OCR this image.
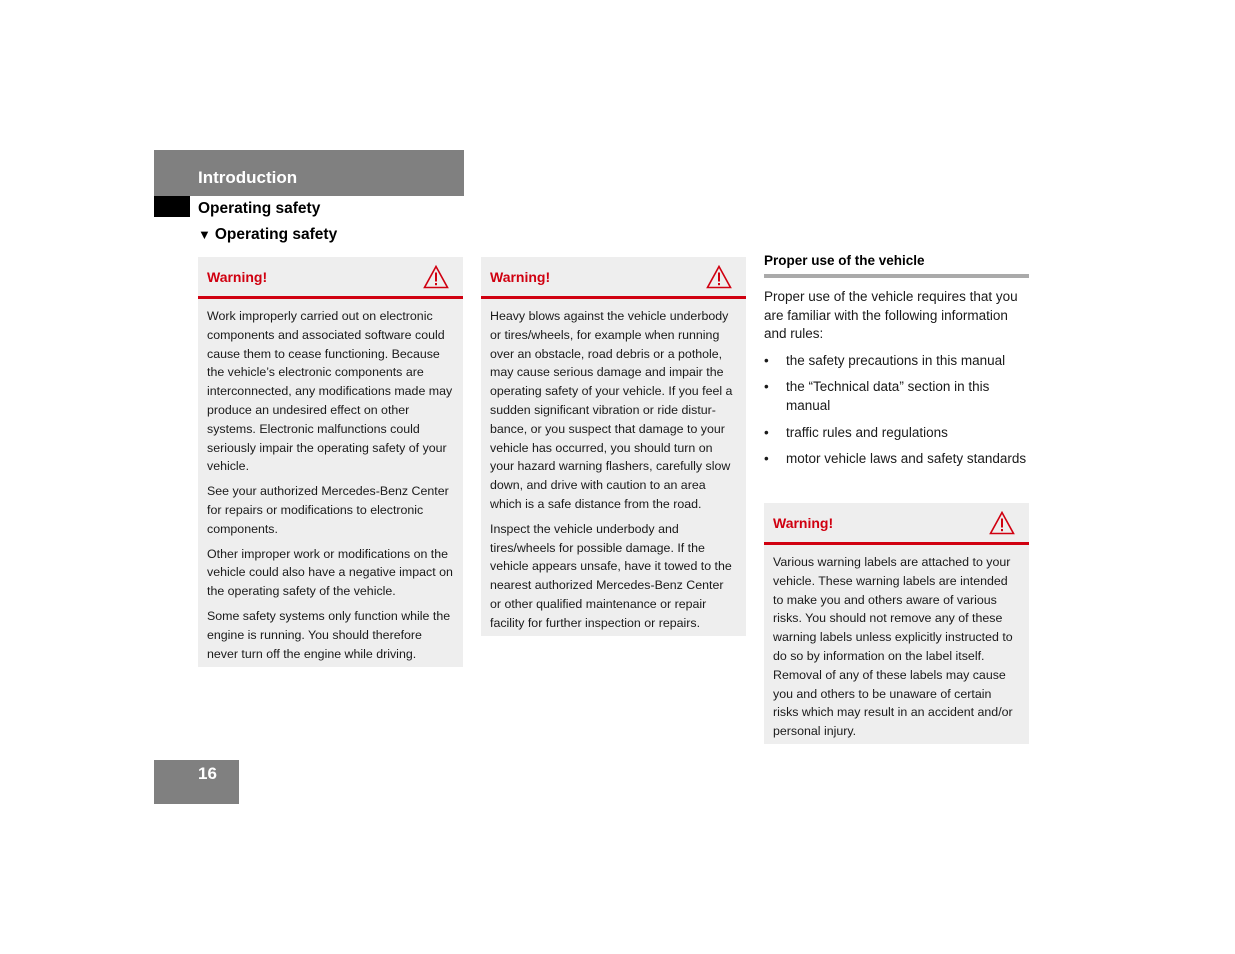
Introduction
Operating safety
▼ Operating safety
Warning!

Work improperly carried out on electronic components and associated software could cause them to cease functioning. Because the vehicle’s electronic components are interconnected, any modifications made may produce an undesired effect on other systems. Electronic malfunctions could seriously impair the operating safety of your vehicle.

See your authorized Mercedes-Benz Center for repairs or modifications to electronic components.

Other improper work or modifications on the vehicle could also have a negative impact on the operating safety of the vehicle.

Some safety systems only function while the engine is running. You should therefore never turn off the engine while driving.

Warning!

Heavy blows against the vehicle underbody or tires/wheels, for example when running over an obstacle, road debris or a pothole, may cause serious damage and impair the operating safety of your vehicle. If you feel a sudden significant vibration or ride distur-bance, or you suspect that damage to your vehicle has occurred, you should turn on your hazard warning flashers, carefully slow down, and drive with caution to an area which is a safe distance from the road.

Inspect the vehicle underbody and tires/wheels for possible damage. If the vehicle appears unsafe, have it towed to the nearest authorized Mercedes-Benz Center or other qualified maintenance or repair facility for further inspection or repairs.

Proper use of the vehicle

Proper use of the vehicle requires that you are familiar with the following information and rules:

• the safety precautions in this manual
• the “Technical data” section in this manual
• traffic rules and regulations
• motor vehicle laws and safety standards
Warning!

Various warning labels are attached to your vehicle. These warning labels are intended to make you and others aware of various risks. You should not remove any of these warning labels unless explicitly instructed to do so by information on the label itself. Removal of any of these labels may cause you and others to be unaware of certain risks which may result in an accident and/or personal injury.

16
